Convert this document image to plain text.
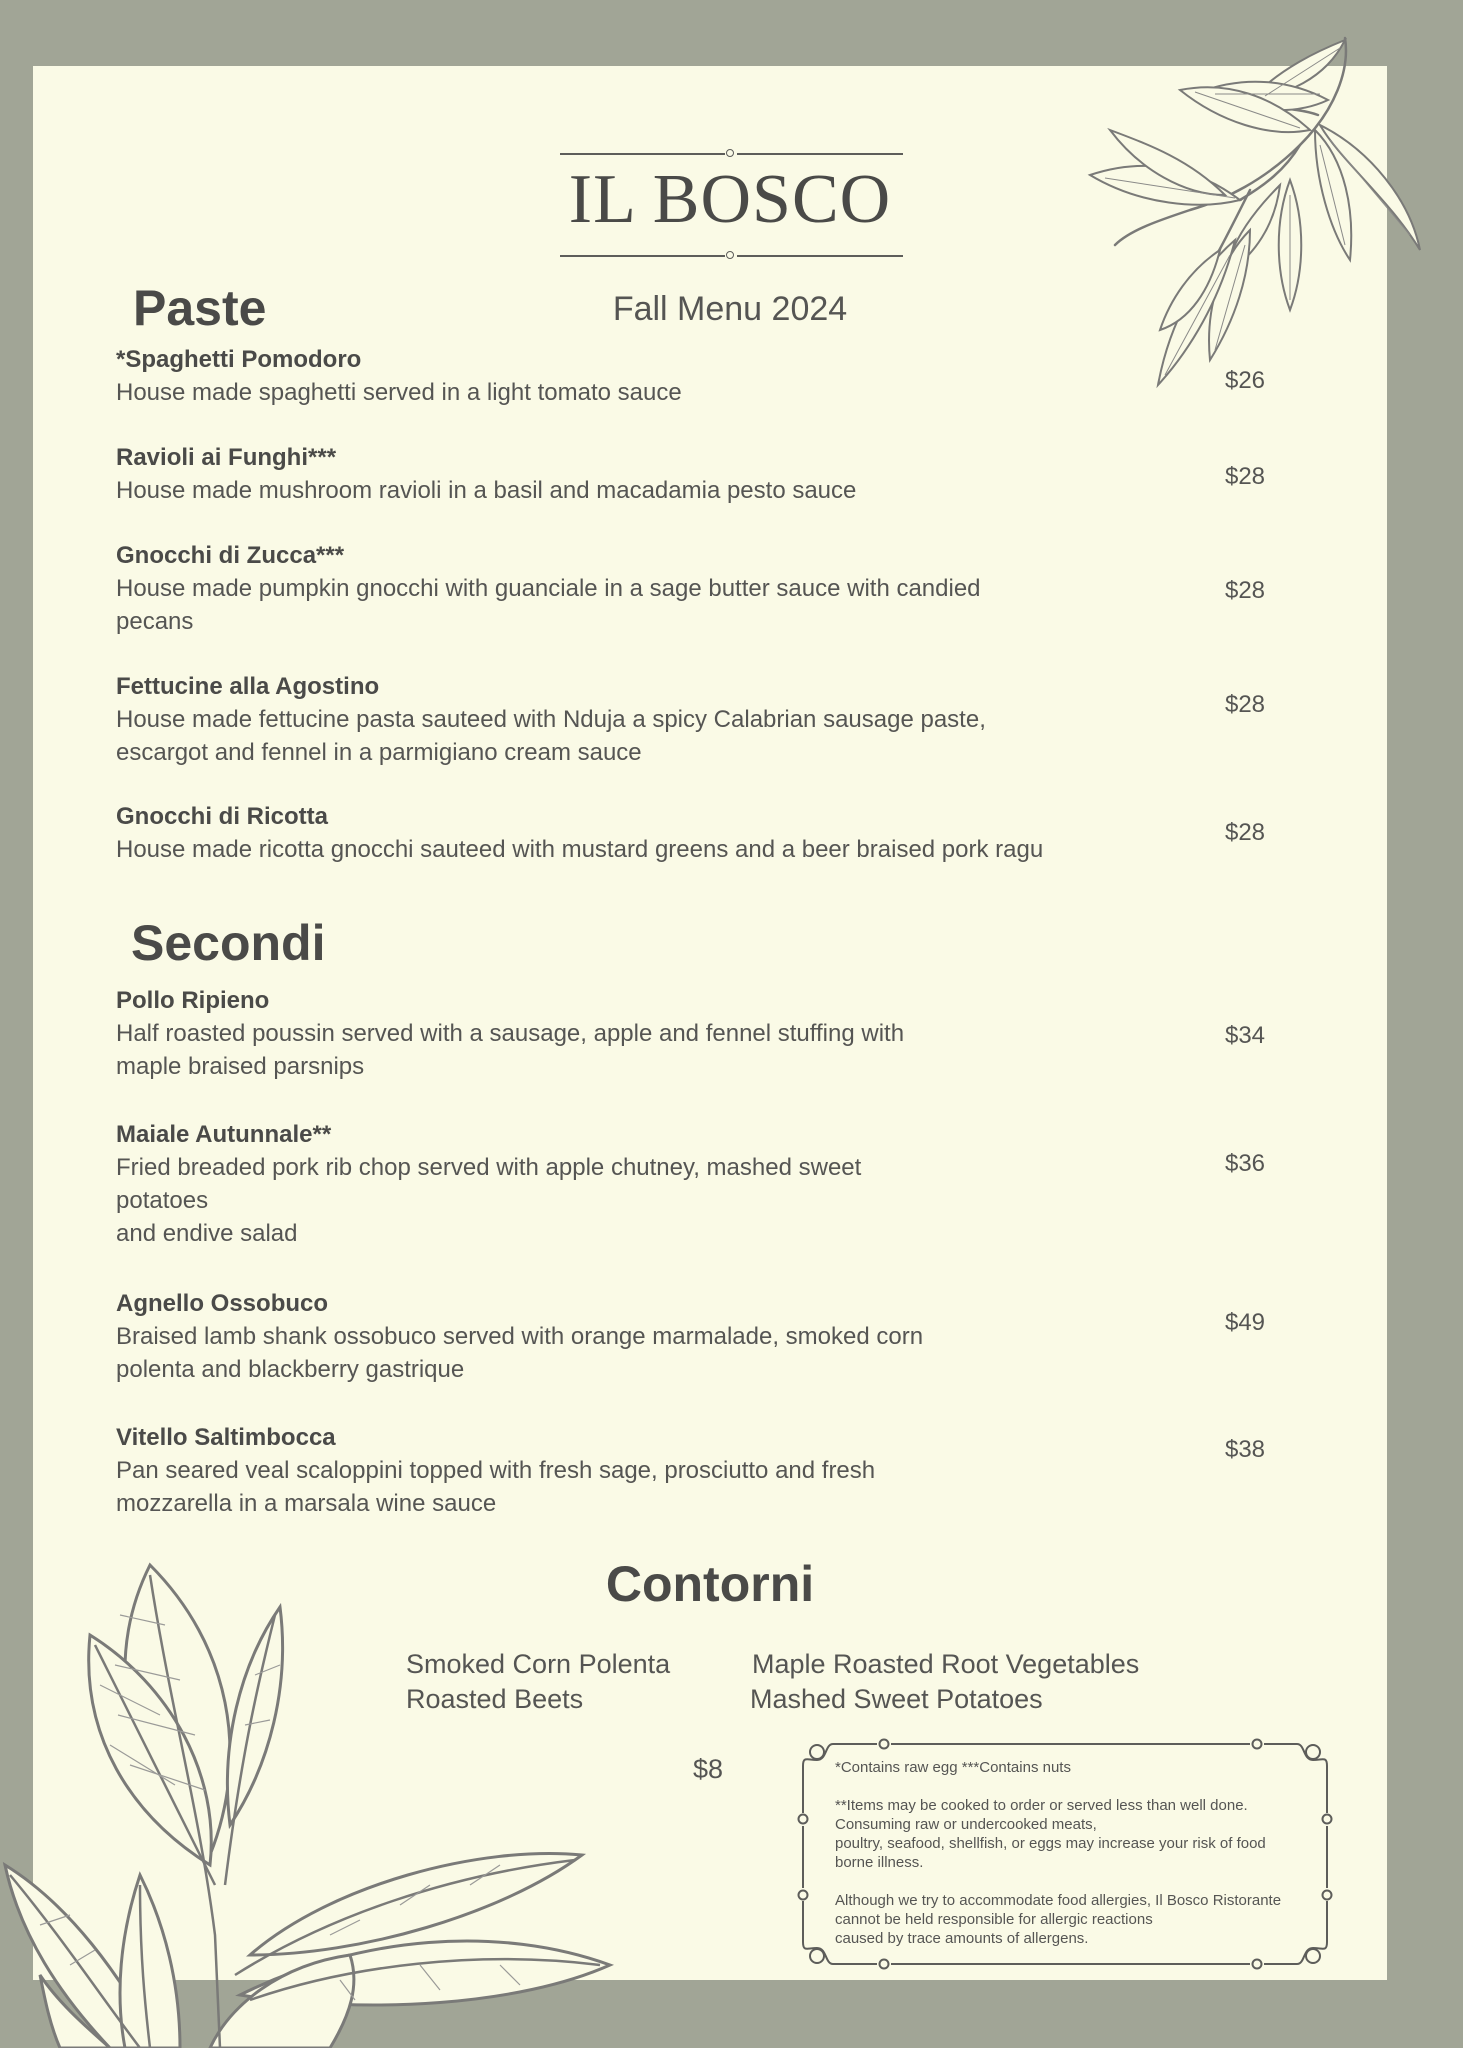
IL BOSCO
Fall Menu 2024
Paste
*Spaghetti Pomodoro
House made spaghetti served in a light tomato sauce	$26
Ravioli ai Funghi***
House made mushroom ravioli in a basil and macadamia pesto sauce
$28
Gnocchi di Zucca***
House made pumpkin gnocchi with guanciale in a sage butter sauce with candied
pecans
$28
Fettucine alla Agostino
House made fettucine pasta sauteed with Nduja a spicy Calabrian sausage paste,
escargot and fennel in a parmigiano cream sauce
$28
Gnocchi di Ricotta
House made ricotta gnocchi sauteed with mustard greens and a beer braised pork ragu
$28
Secondi
Pollo Ripieno
Half roasted poussin served with a sausage, apple and fennel stuffing with
maple braised parsnips
$34
Maiale Autunnale**
Fried breaded pork rib chop served with apple chutney, mashed sweet
potatoes
and endive salad
$36
Agnello Ossobuco
Braised lamb shank ossobuco served with orange marmalade, smoked corn
polenta and blackberry gastrique
$49
Vitello Saltimbocca
Pan seared veal scaloppini topped with fresh sage, prosciutto and fresh
mozzarella in a marsala wine sauce
$38
Contorni
Smoked Corn Polenta
Roasted Beets
Maple Roasted Root Vegetables
Mashed Sweet Potatoes
$8	*Contains raw egg ***Contains nuts

**Items may be cooked to order or served less than well done.
Consuming raw or undercooked meats,
poultry, seafood, shellfish, or eggs may increase your risk of food
borne illness.

Although we try to accommodate food allergies, Il Bosco Ristorante
cannot be held responsible for allergic reactions
caused by trace amounts of allergens.
